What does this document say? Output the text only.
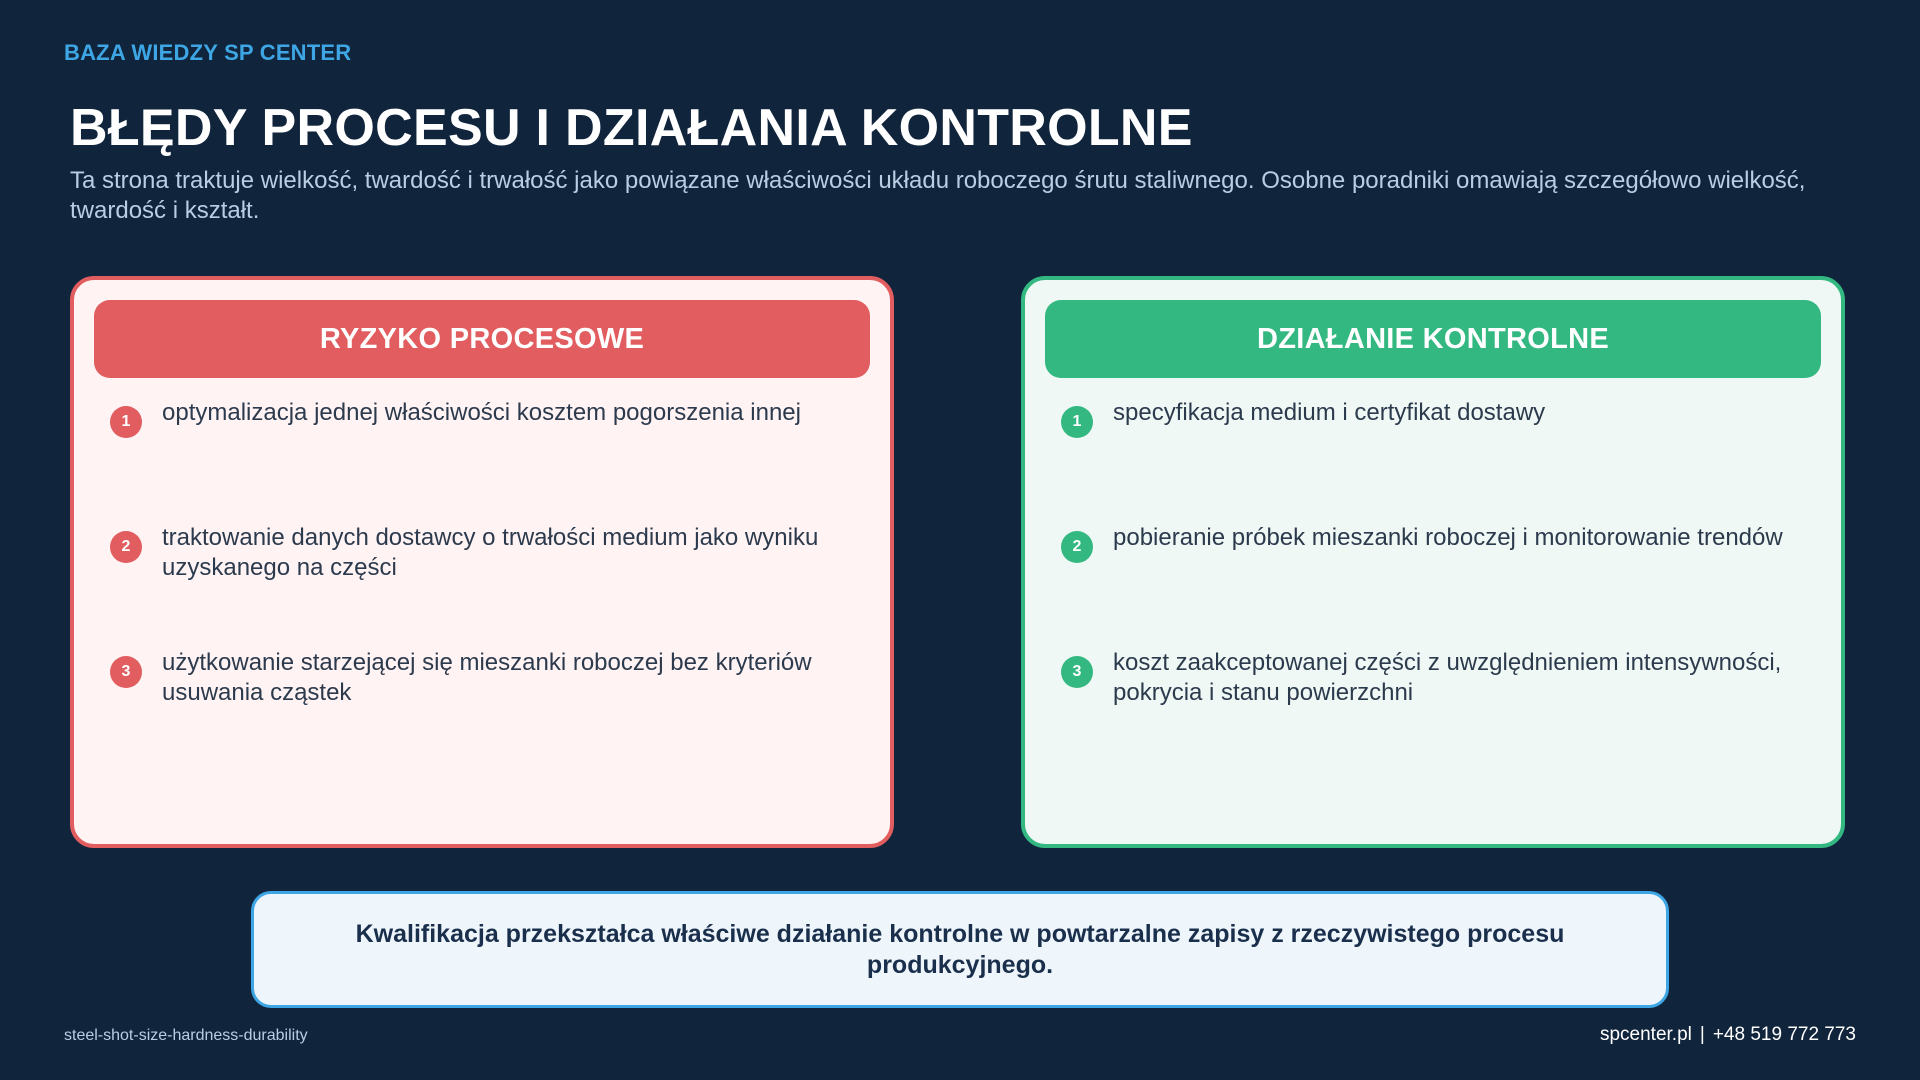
BAZA WIEDZY SP CENTER
BŁĘDY PROCESU I DZIAŁANIA KONTROLNE

Ta strona traktuje wielkość, twardość i trwałość jako powiązane właściwości układu roboczego śrutu staliwnego. Osobne poradniki omawiają szczegółowo wielkość, twardość i kształt.

RYZYKO PROCESOWE
1	optymalizacja jednej właściwości kosztem pogorszenia innej
2	traktowanie danych dostawcy o trwałości medium jako wyniku uzyskanego na części
3	użytkowanie starzejącej się mieszanki roboczej bez kryteriów usuwania cząstek
DZIAŁANIE KONTROLNE
1	specyfikacja medium i certyfikat dostawy
2	pobieranie próbek mieszanki roboczej i monitorowanie trendów
3	koszt zaakceptowanej części z uwzględnieniem intensywności, pokrycia i stanu powierzchni
Kwalifikacja przekształca właściwe działanie kontrolne w powtarzalne zapisy z rzeczywistego procesu produkcyjnego.
steel-shot-size-hardness-durability	spcenter.pl | +48 519 772 773
